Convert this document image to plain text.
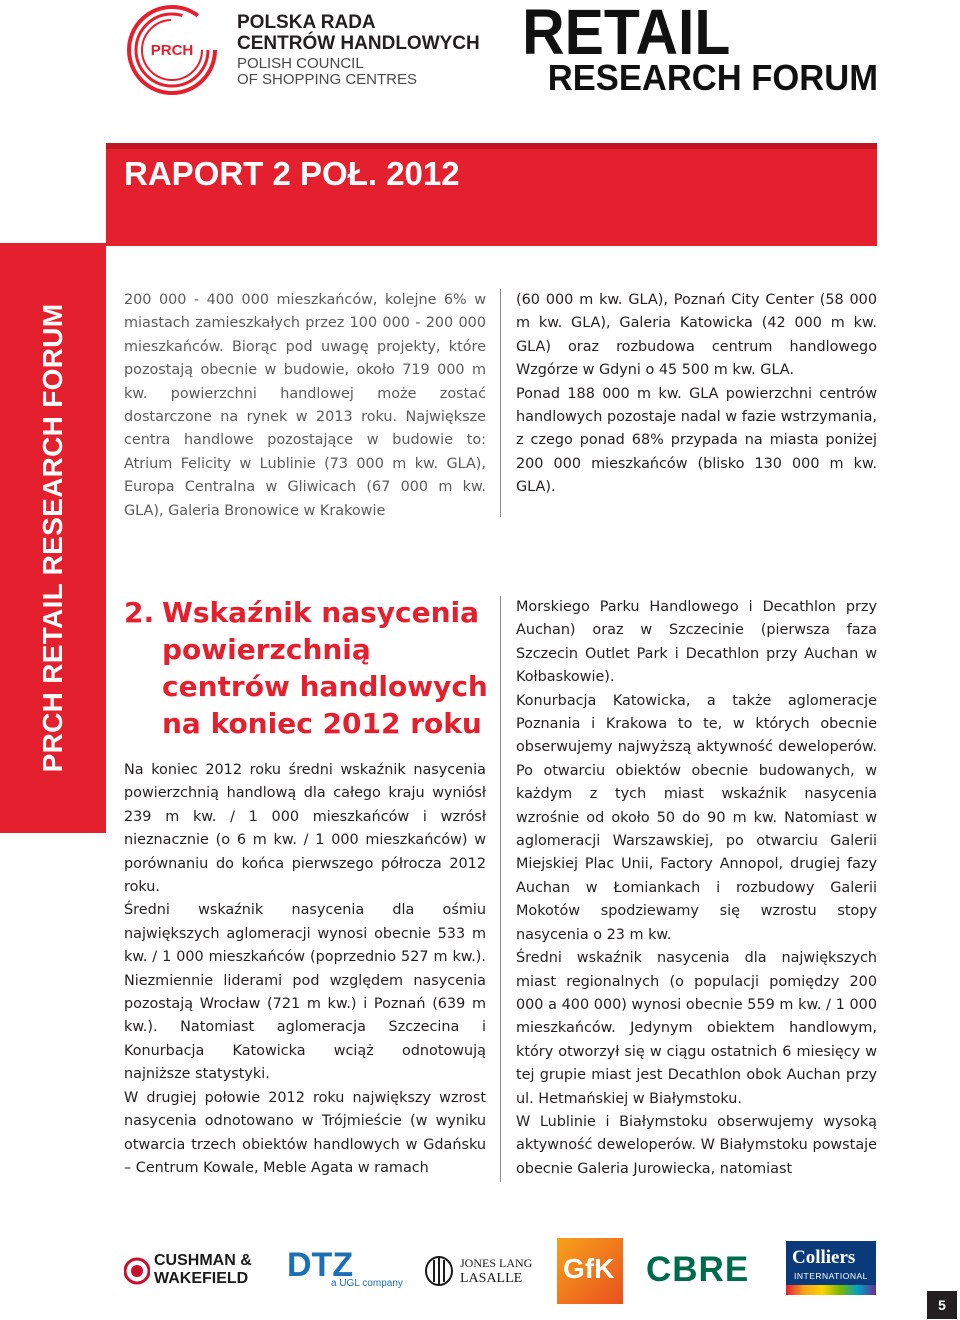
PRCH
POLSKA RADA
CENTRÓW HANDLOWYCH
POLISH COUNCIL
OF SHOPPING CENTRES
RETAIL
RESEARCH FORUM
RAPORT 2 POŁ. 2012
PRCH RETAIL RESEARCH FORUM

200 000 - 400 000 mieszkańców, kolejne 6% w miastach zamieszkałych przez 100 000 - 200 000 mieszkańców. Biorąc pod uwagę projekty, które pozostają obecnie w budowie, około 719 000 m kw. powierzchni handlowej może zostać dostarczone na rynek w 2013 roku. Największe centra handlowe pozostające w budowie to: Atrium Felicity w Lublinie (73 000 m kw. GLA), Europa Centralna w Gliwicach (67 000 m kw. GLA), Galeria Bronowice w Krakowie

(60 000 m kw. GLA), Poznań City Center (58 000 m kw. GLA), Galeria Katowicka (42 000 m kw. GLA) oraz rozbudowa centrum handlowego Wzgórze w Gdyni o 45 500 m kw. GLA.

Ponad 188 000 m kw. GLA powierzchni centrów handlowych pozostaje nadal w fazie wstrzymania, z czego ponad 68% przypada na miasta poniżej 200 000 mieszkańców (blisko 130 000 m kw. GLA).

2. Wskaźnik nasycenia powierzchnią centrów handlowych na koniec 2012 roku

Na koniec 2012 roku średni wskaźnik nasycenia powierzchnią handlową dla całego kraju wyniósł 239 m kw. / 1 000 mieszkańców i wzrósł nieznacznie (o 6 m kw. / 1 000 mieszkańców) w porównaniu do końca pierwszego półrocza 2012 roku.

Średni wskaźnik nasycenia dla ośmiu największych aglomeracji wynosi obecnie 533 m kw. / 1 000 mieszkańców (poprzednio 527 m kw.). Niezmiennie liderami pod względem nasycenia pozostają Wrocław (721 m kw.) i Poznań (639 m kw.). Natomiast aglomeracja Szczecina i Konurbacja Katowicka wciąż odnotowują najniższe statystyki.

W drugiej połowie 2012 roku największy wzrost nasycenia odnotowano w Trójmieście (w wyniku otwarcia trzech obiektów handlowych w Gdańsku – Centrum Kowale, Meble Agata w ramach

Morskiego Parku Handlowego i Decathlon przy Auchan) oraz w Szczecinie (pierwsza faza Szczecin Outlet Park i Decathlon przy Auchan w Kołbaskowie).

Konurbacja Katowicka, a także aglomeracje Poznania i Krakowa to te, w których obecnie obserwujemy najwyższą aktywność deweloperów. Po otwarciu obiektów obecnie budowanych, w każdym z tych miast wskaźnik nasycenia wzrośnie od około 50 do 90 m kw. Natomiast w aglomeracji Warszawskiej, po otwarciu Galerii Miejskiej Plac Unii, Factory Annopol, drugiej fazy Auchan w Łomiankach i rozbudowy Galerii Mokotów spodziewamy się wzrostu stopy nasycenia o 23 m kw.

Średni wskaźnik nasycenia dla największych miast regionalnych (o populacji pomiędzy 200 000 a 400 000) wynosi obecnie 559 m kw. / 1 000 mieszkańców. Jedynym obiektem handlowym, który otworzył się w ciągu ostatnich 6 miesięcy w tej grupie miast jest Decathlon obok Auchan przy ul. Hetmańskiej w Białymstoku.

W Lublinie i Białymstoku obserwujemy wysoką aktywność deweloperów. W Białymstoku powstaje obecnie Galeria Jurowiecka, natomiast

CUSHMAN &
WAKEFIELD DTZ
a UGL company
JONES LANG
LASALLE GfK CBRE Colliers
INTERNATIONAL
5
